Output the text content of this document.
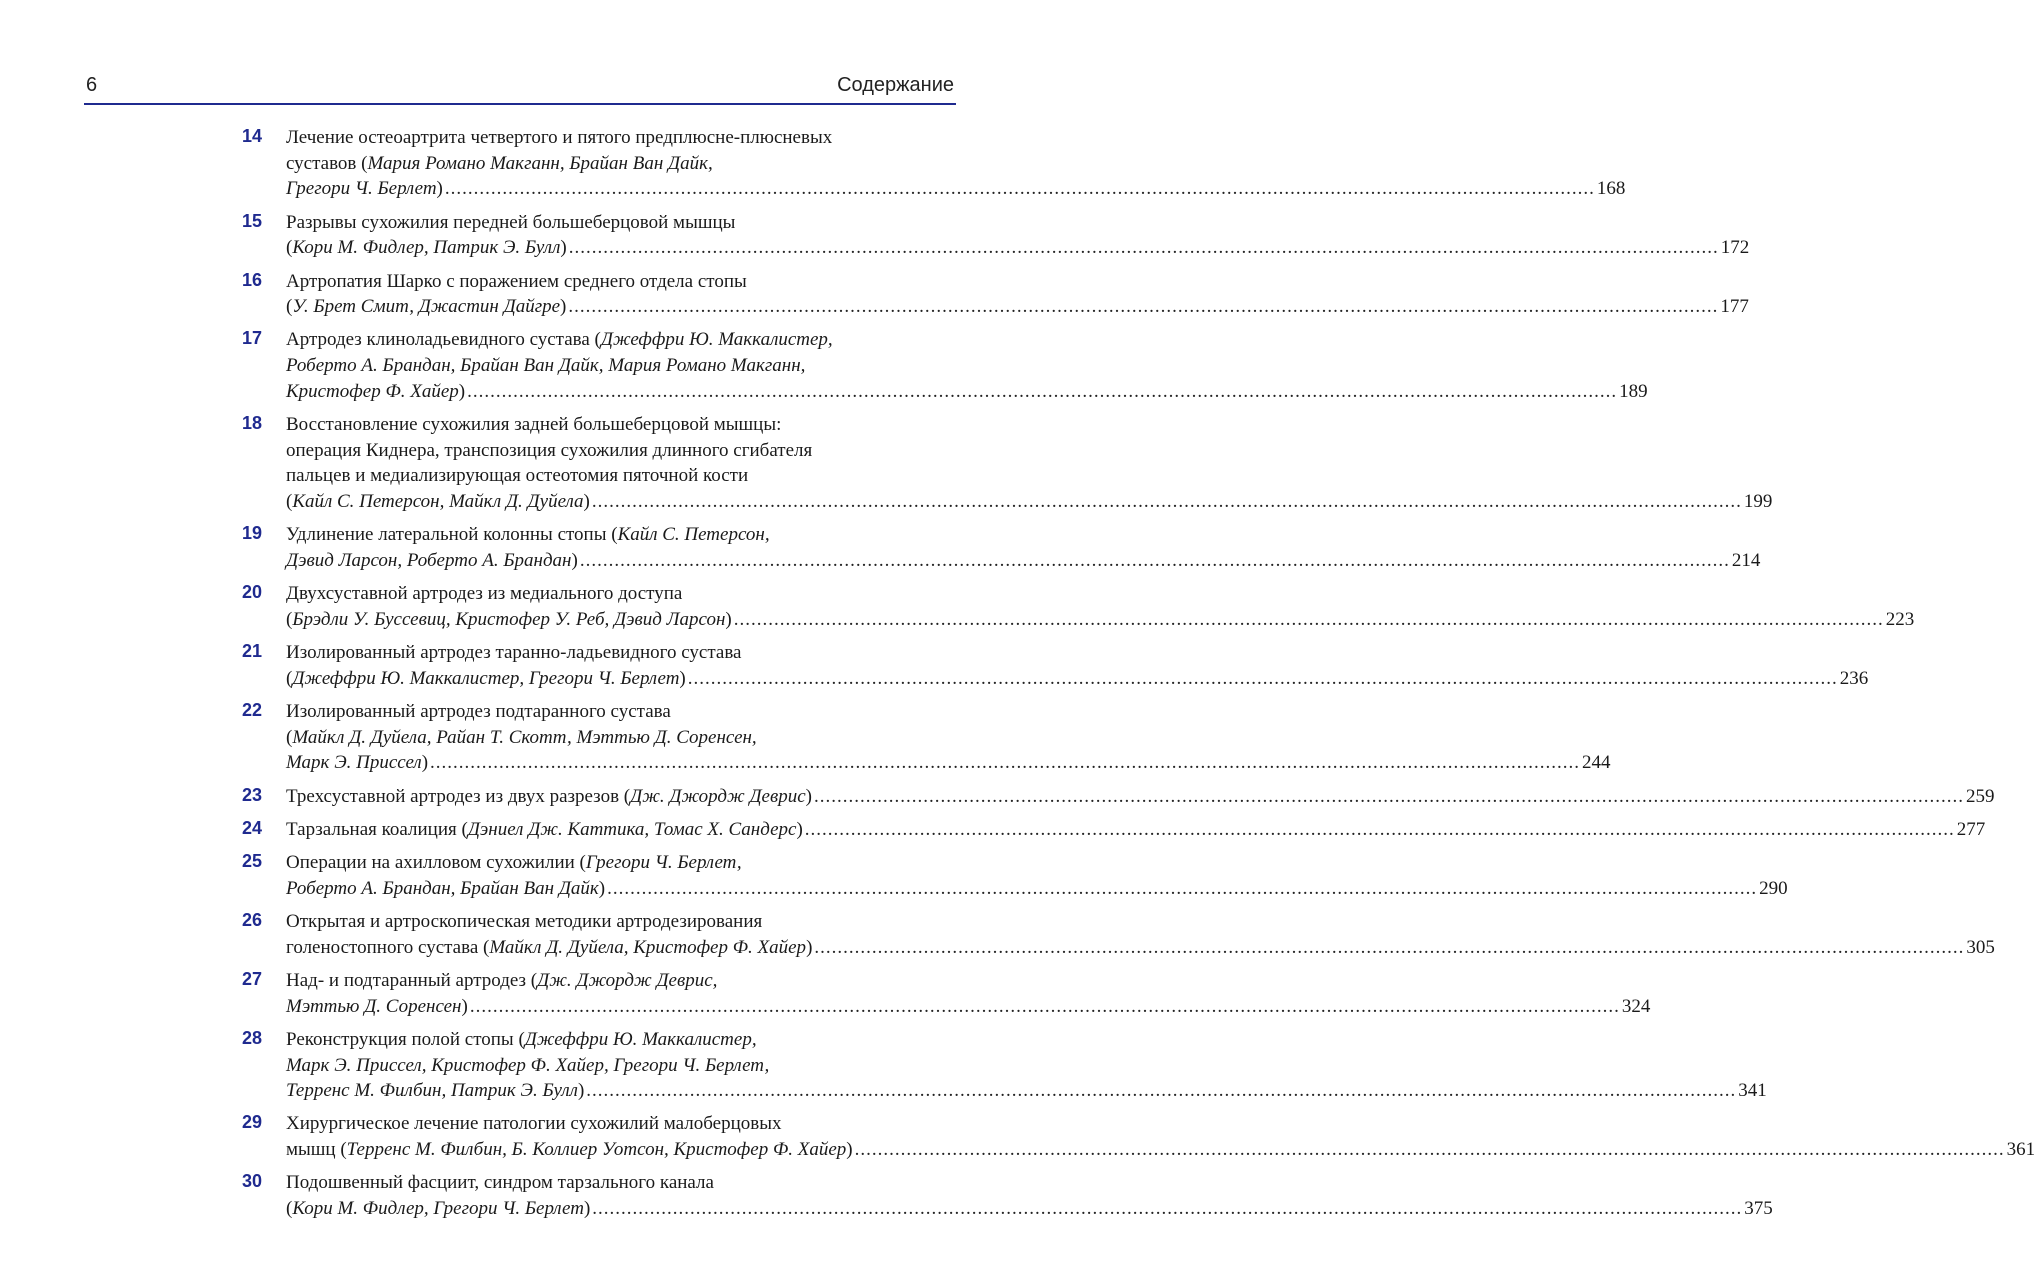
6	Содержание
14 Лечение остеоартрита четвертого и пятого предплюсне-плюсневых
суставов (Мария Романо Макганн, Брайан Ван Дайк,
Грегори Ч. Берлет) ........................................................................................................................................................................................................ 168
15 Разрывы сухожилия передней большеберцовой мышцы
(Кори М. Фидлер, Патрик Э. Булл) ........................................................................................................................................................................................................ 172
16 Артропатия Шарко с поражением среднего отдела стопы
(У. Брет Смит, Джастин Дайгре) ........................................................................................................................................................................................................ 177
17 Артродез клиноладьевидного сустава (Джеффри Ю. Маккалистер,
Роберто А. Брандан, Брайан Ван Дайк, Мария Романо Макганн,
Кристофер Ф. Хайер) ........................................................................................................................................................................................................ 189
18 Восстановление сухожилия задней большеберцовой мышцы:
операция Киднера, транспозиция сухожилия длинного сгибателя
пальцев и медиализирующая остеотомия пяточной кости
(Кайл С. Петерсон, Майкл Д. Дуйела) ........................................................................................................................................................................................................ 199
19 Удлинение латеральной колонны стопы (Кайл С. Петерсон,
Дэвид Ларсон, Роберто А. Брандан) ........................................................................................................................................................................................................ 214
20 Двухсуставной артродез из медиального доступа
(Брэдли У. Буссевиц, Кристофер У. Реб, Дэвид Ларсон) ........................................................................................................................................................................................................ 223
21 Изолированный артродез таранно-ладьевидного сустава
(Джеффри Ю. Маккалистер, Грегори Ч. Берлет) ........................................................................................................................................................................................................ 236
22 Изолированный артродез подтаранного сустава
(Майкл Д. Дуйела, Райан Т. Скотт, Мэттью Д. Соренсен,
Марк Э. Приссел) ........................................................................................................................................................................................................ 244
23 Трехсуставной артродез из двух разрезов (Дж. Джордж Деврис) ........................................................................................................................................................................................................ 259
24 Тарзальная коалиция (Дэниел Дж. Каттика, Томас Х. Сандерс) ........................................................................................................................................................................................................ 277
25 Операции на ахилловом сухожилии (Грегори Ч. Берлет,
Роберто А. Брандан, Брайан Ван Дайк) ........................................................................................................................................................................................................ 290
26 Открытая и артроскопическая методики артродезирования
голеностопного сустава (Майкл Д. Дуйела, Кристофер Ф. Хайер) ........................................................................................................................................................................................................ 305
27 Над- и подтаранный артродез (Дж. Джордж Деврис,
Мэттью Д. Соренсен) ........................................................................................................................................................................................................ 324
28 Реконструкция полой стопы (Джеффри Ю. Маккалистер,
Марк Э. Приссел, Кристофер Ф. Хайер, Грегори Ч. Берлет,
Терренс М. Филбин, Патрик Э. Булл) ........................................................................................................................................................................................................ 341
29 Хирургическое лечение патологии сухожилий малоберцовых
мышц (Терренс М. Филбин, Б. Коллиер Уотсон, Кристофер Ф. Хайер) ........................................................................................................................................................................................................ 361
30 Подошвенный фасциит, синдром тарзального канала
(Кори М. Фидлер, Грегори Ч. Берлет) ........................................................................................................................................................................................................ 375
